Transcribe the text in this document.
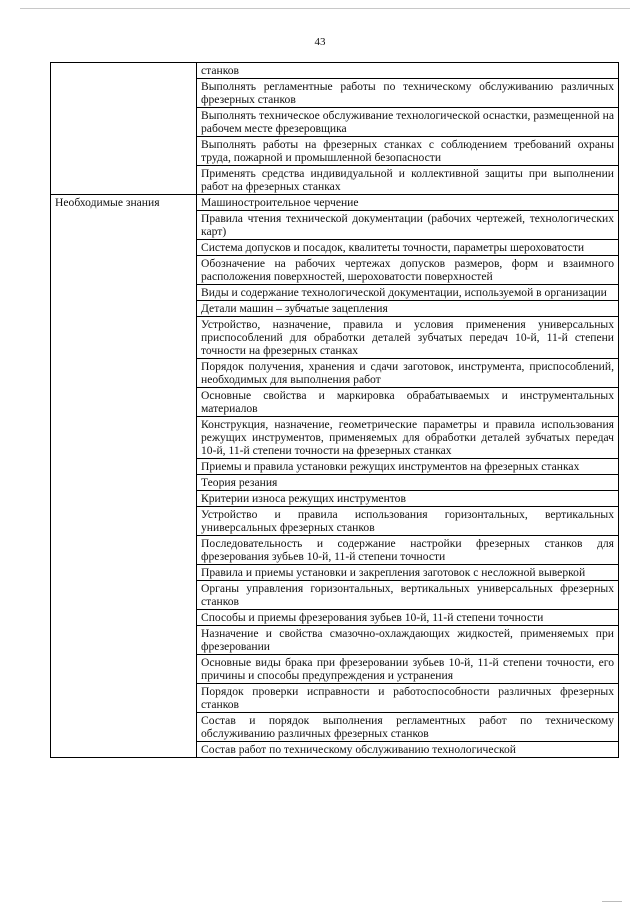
43
	станков
	Выполнять регламентные работы по техническому обслуживанию различных фрезерных станков
	Выполнять техническое обслуживание технологической оснастки, размещенной на рабочем месте фрезеровщика
	Выполнять работы на фрезерных станках с соблюдением требований охраны труда, пожарной и промышленной безопасности
	Применять средства индивидуальной и коллективной защиты при выполнении работ на фрезерных станках
Необходимые знания	Машиностроительное черчение
	Правила чтения технической документации (рабочих чертежей, технологических карт)
	Система допусков и посадок, квалитеты точности, параметры шероховатости
	Обозначение на рабочих чертежах допусков размеров, форм и взаимного расположения поверхностей, шероховатости поверхностей
	Виды и содержание технологической документации, используемой в организации
	Детали машин – зубчатые зацепления
	Устройство, назначение, правила и условия применения универсальных приспособлений для обработки деталей зубчатых передач 10-й, 11-й степени точности на фрезерных станках
	Порядок получения, хранения и сдачи заготовок, инструмента, приспособлений, необходимых для выполнения работ
	Основные свойства и маркировка обрабатываемых и инструментальных материалов
	Конструкция, назначение, геометрические параметры и правила использования режущих инструментов, применяемых для обработки деталей зубчатых передач 10-й, 11-й степени точности на фрезерных станках
	Приемы и правила установки режущих инструментов на фрезерных станках
	Теория резания
	Критерии износа режущих инструментов
	Устройство и правила использования горизонтальных, вертикальных универсальных фрезерных станков
	Последовательность и содержание настройки фрезерных станков для фрезерования зубьев 10-й, 11-й степени точности
	Правила и приемы установки и закрепления заготовок с несложной выверкой
	Органы управления горизонтальных, вертикальных универсальных фрезерных станков
	Способы и приемы фрезерования зубьев 10-й, 11-й степени точности
	Назначение и свойства смазочно-охлаждающих жидкостей, применяемых при фрезеровании
	Основные виды брака при фрезеровании зубьев 10-й, 11-й степени точности, его причины и способы предупреждения и устранения
	Порядок проверки исправности и работоспособности различных фрезерных станков
	Состав и порядок выполнения регламентных работ по техническому обслуживанию различных фрезерных станков
	Состав работ по техническому обслуживанию технологической
